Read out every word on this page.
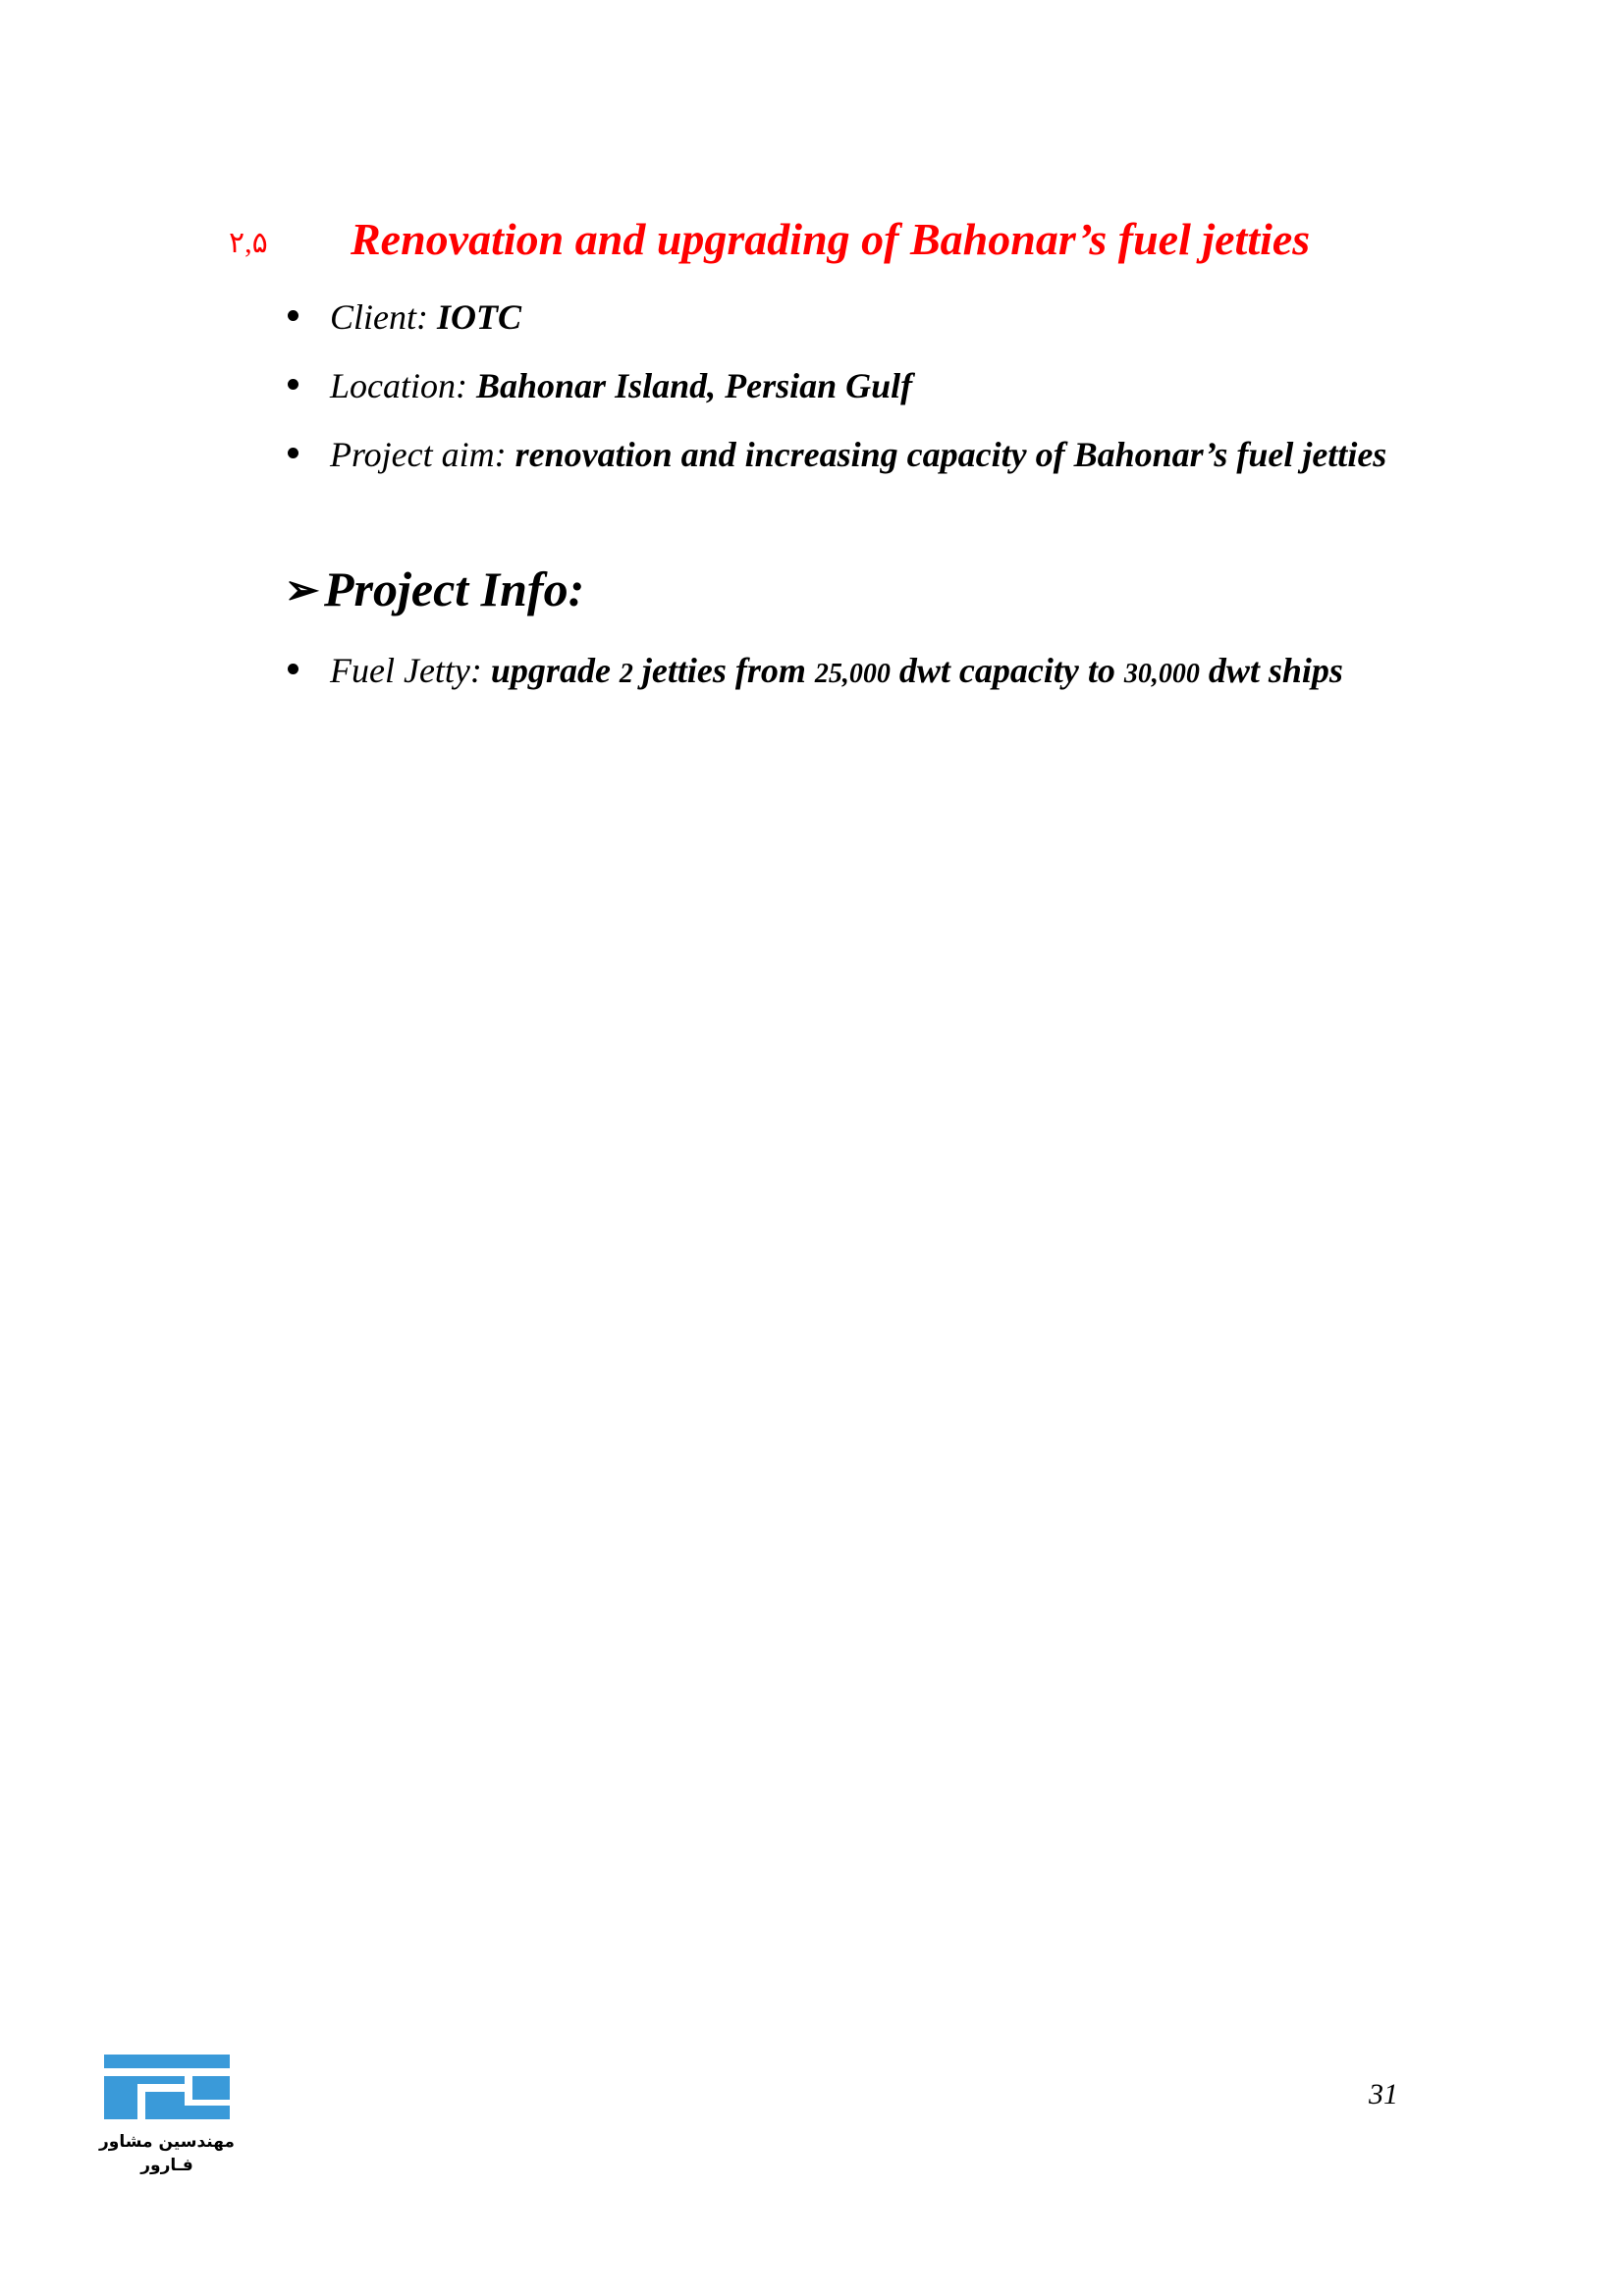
۲,۵ Renovation and upgrading of Bahonar’s fuel jetties
Client: IOTC
Location: Bahonar Island, Persian Gulf
Project aim: renovation and increasing capacity of Bahonar’s fuel jetties
➢Project Info:
Fuel Jetty: upgrade 2 jetties from 25,000 dwt capacity to 30,000 dwt ships
31
مهندسین مشاور
فـارور
